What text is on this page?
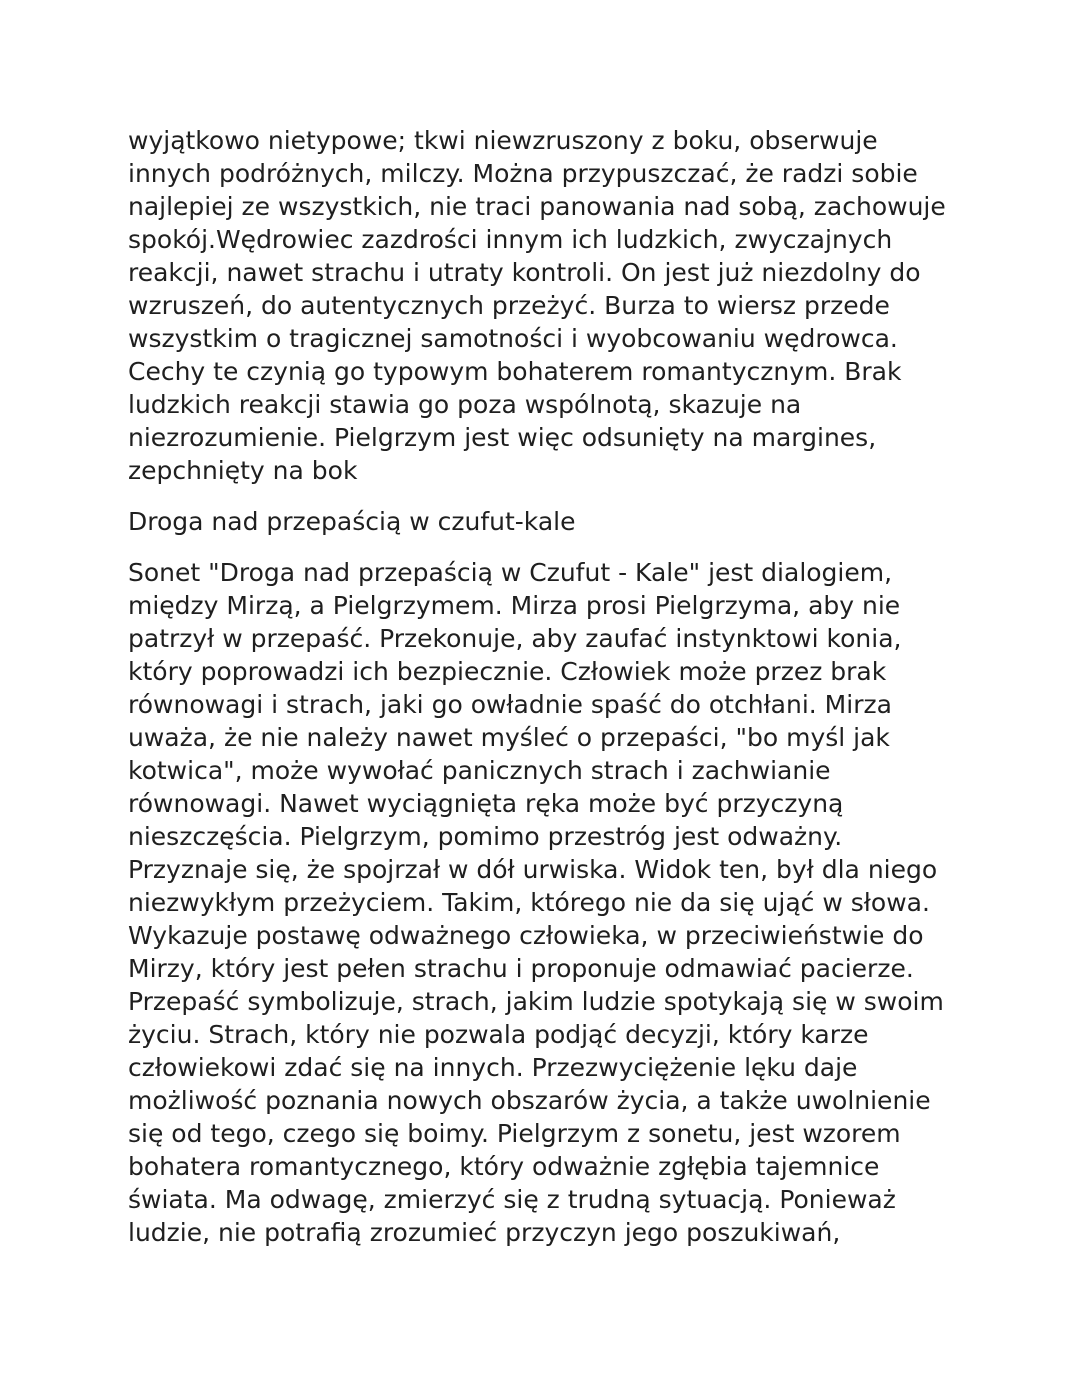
wyjątkowo nietypowe; tkwi niewzruszony z boku, obserwuje
innych podróżnych, milczy. Można przypuszczać, że radzi sobie
najlepiej ze wszystkich, nie traci panowania nad sobą, zachowuje
spokój.Wędrowiec zazdrości innym ich ludzkich, zwyczajnych
reakcji, nawet strachu i utraty kontroli. On jest już niezdolny do
wzruszeń, do autentycznych przeżyć. Burza to wiersz przede
wszystkim o tragicznej samotności i wyobcowaniu wędrowca.
Cechy te czynią go typowym bohaterem romantycznym. Brak
ludzkich reakcji stawia go poza wspólnotą, skazuje na
niezrozumienie. Pielgrzym jest więc odsunięty na margines,
zepchnięty na bok
Droga nad przepaścią w czufut-kale
Sonet "Droga nad przepaścią w Czufut - Kale" jest dialogiem,
między Mirzą, a Pielgrzymem. Mirza prosi Pielgrzyma, aby nie
patrzył w przepaść. Przekonuje, aby zaufać instynktowi konia,
który poprowadzi ich bezpiecznie. Człowiek może przez brak
równowagi i strach, jaki go owładnie spaść do otchłani. Mirza
uważa, że nie należy nawet myśleć o przepaści, "bo myśl jak
kotwica", może wywołać panicznych strach i zachwianie
równowagi. Nawet wyciągnięta ręka może być przyczyną
nieszczęścia. Pielgrzym, pomimo przestróg jest odważny.
Przyznaje się, że spojrzał w dół urwiska. Widok ten, był dla niego
niezwykłym przeżyciem. Takim, którego nie da się ująć w słowa.
Wykazuje postawę odważnego człowieka, w przeciwieństwie do
Mirzy, który jest pełen strachu i proponuje odmawiać pacierze.
Przepaść symbolizuje, strach, jakim ludzie spotykają się w swoim
życiu. Strach, który nie pozwala podjąć decyzji, który karze
człowiekowi zdać się na innych. Przezwyciężenie lęku daje
możliwość poznania nowych obszarów życia, a także uwolnienie
się od tego, czego się boimy. Pielgrzym z sonetu, jest wzorem
bohatera romantycznego, który odważnie zgłębia tajemnice
świata. Ma odwagę, zmierzyć się z trudną sytuacją. Ponieważ
ludzie, nie potrafią zrozumieć przyczyn jego poszukiwań,
